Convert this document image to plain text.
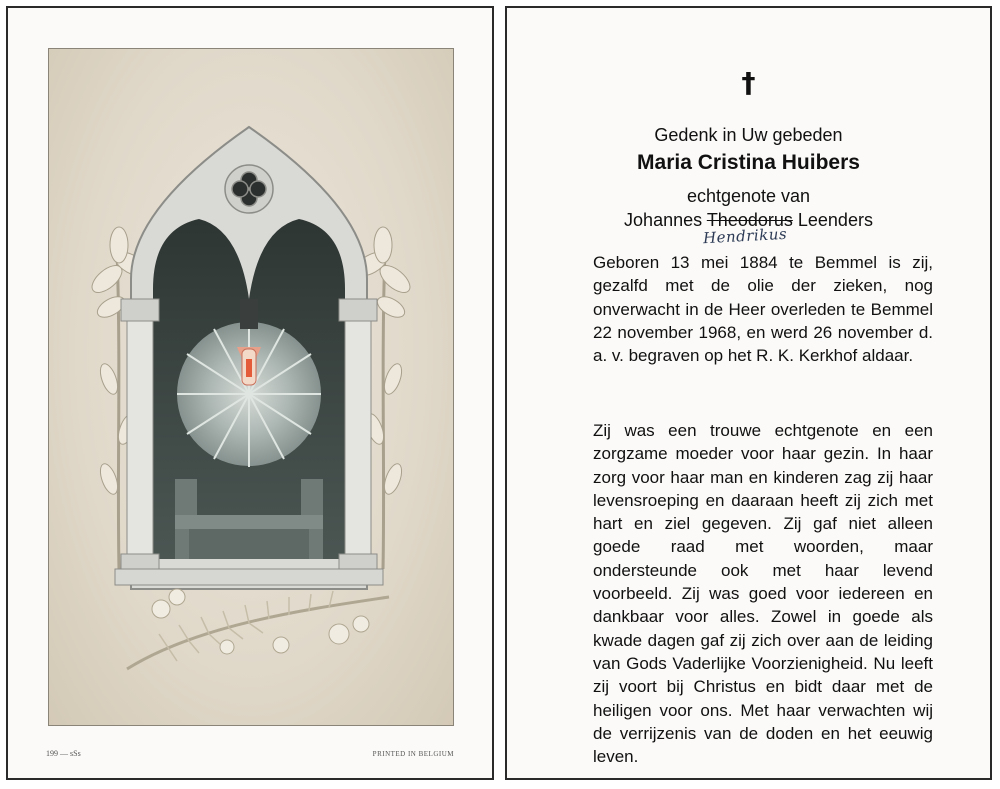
199 — sSs	PRINTED IN BELGIUM
†
Gedenk in Uw gebeden
Maria Cristina Huibers
echtgenote van
Johannes Theodorus Leenders
Hendrikus
Geboren 13 mei 1884 te Bemmel is zij, gezalfd met de olie der zieken, nog onverwacht in de Heer overleden te Bemmel 22 november 1968, en werd 26 november d. a. v. begraven op het R. K. Kerkhof aldaar.
Zij was een trouwe echtgenote en een zorgzame moeder voor haar gezin. In haar zorg voor haar man en kinderen zag zij haar levensroeping en daaraan heeft zij zich met hart en ziel gegeven. Zij gaf niet alleen goede raad met woorden, maar ondersteunde ook met haar levend voorbeeld. Zij was goed voor iedereen en dankbaar voor alles. Zowel in goede als kwade dagen gaf zij zich over aan de leiding van Gods Vaderlijke Voorzienigheid. Nu leeft zij voort bij Christus en bidt daar met de heiligen voor ons. Met haar verwachten wij de verrijzenis van de doden en het eeuwig leven.
